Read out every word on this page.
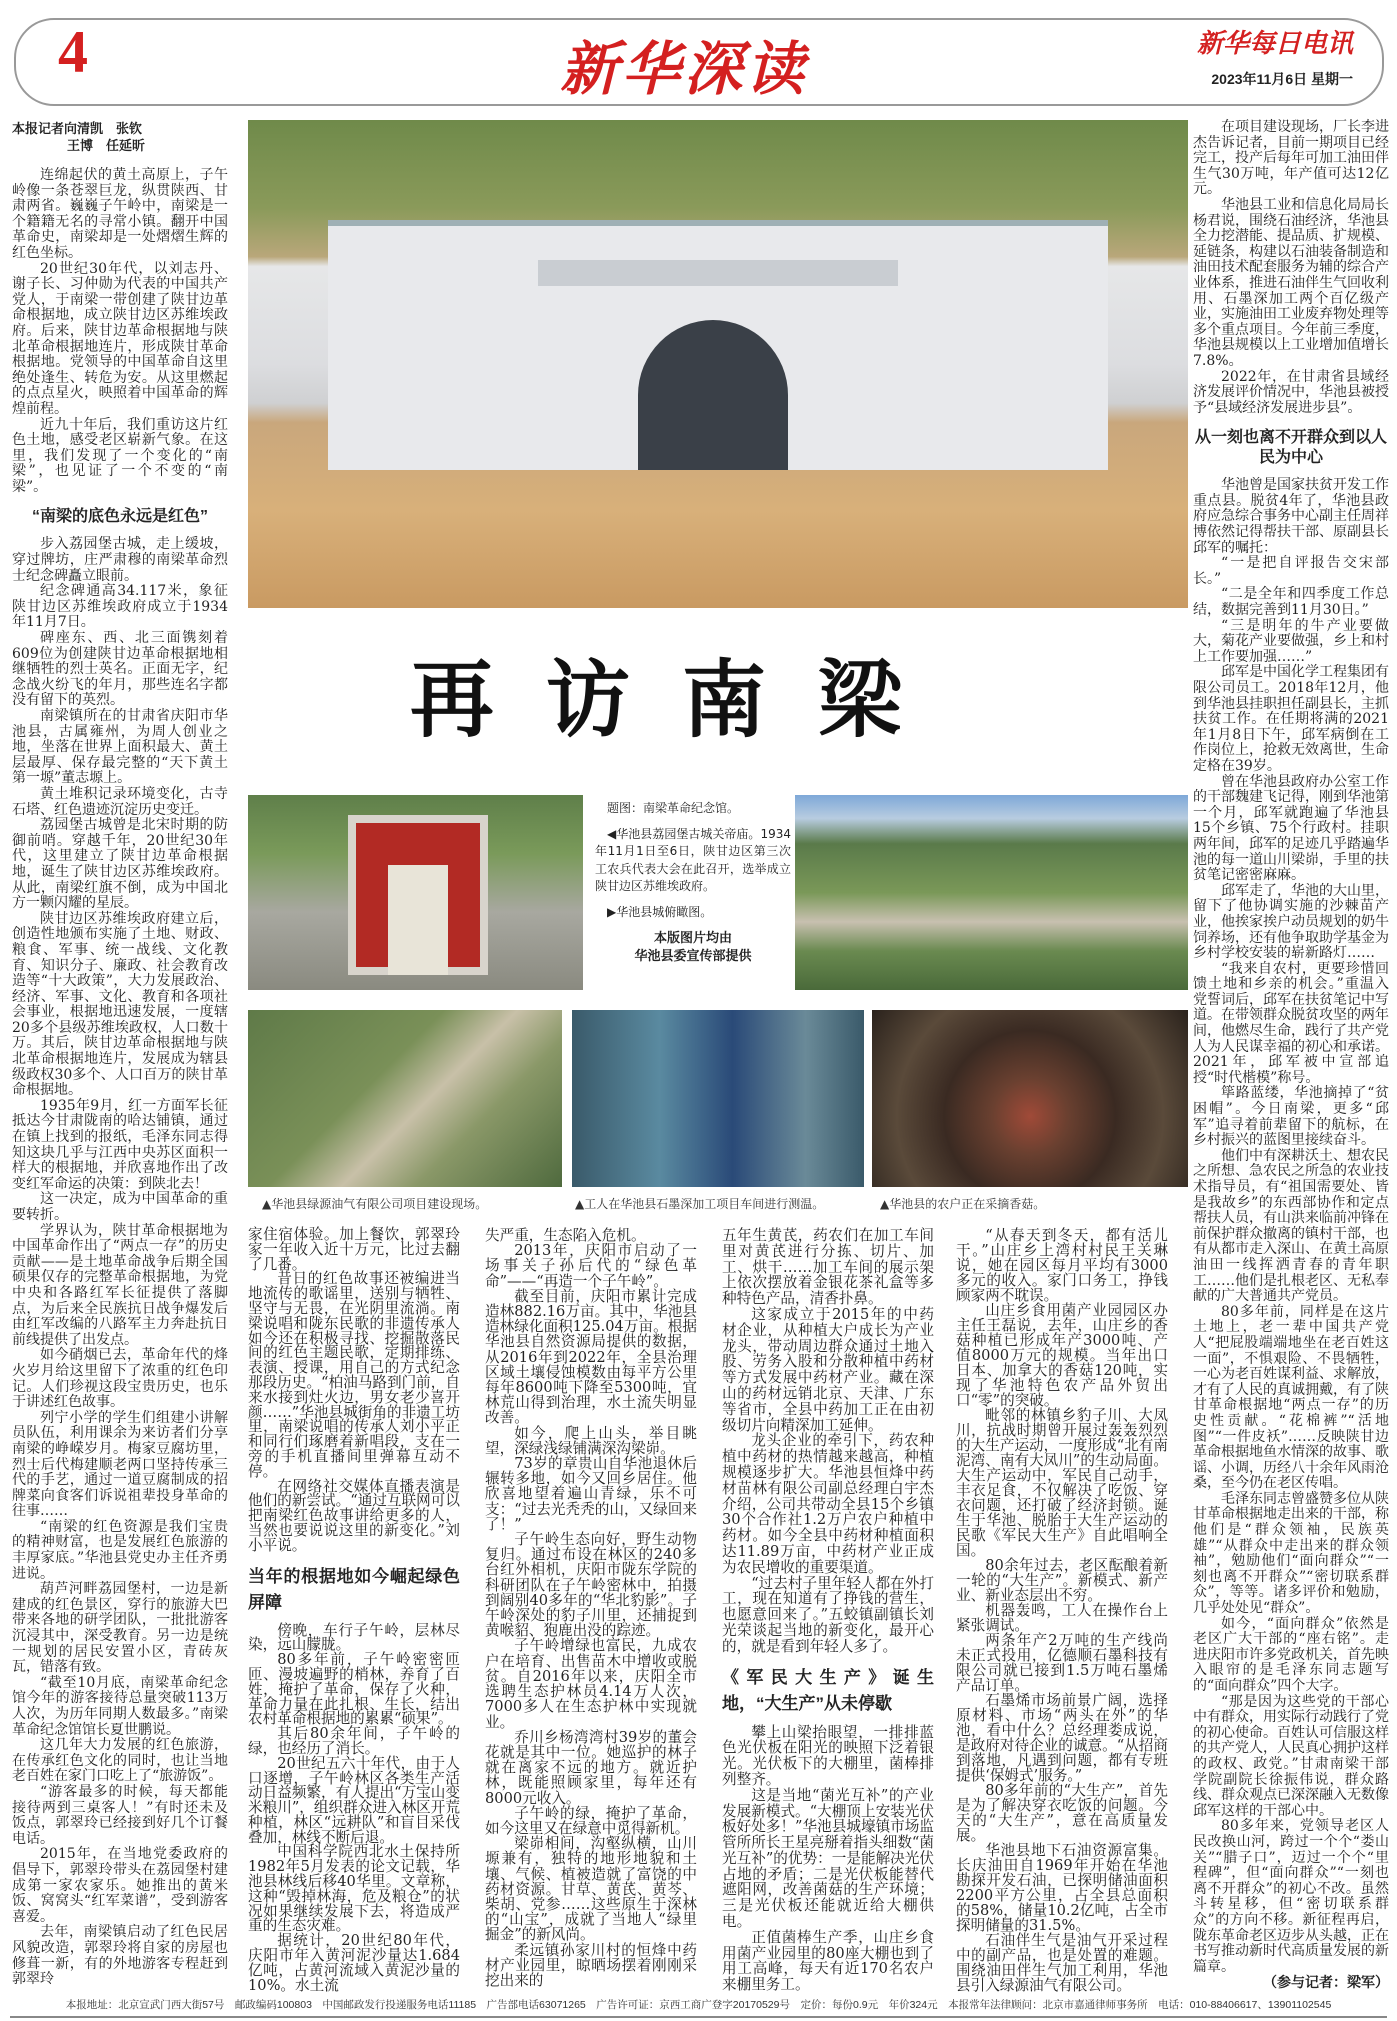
4	新华深读	新华每日电讯
2023年11月6日 星期一
本报记者向清凯　张钦
王博　任延昕

连绵起伏的黄土高原上，子午岭像一条苍翠巨龙，纵贯陕西、甘肃两省。巍巍子午岭中，南梁是一个籍籍无名的寻常小镇。翻开中国革命史，南梁却是一处熠熠生辉的红色坐标。

20世纪30年代，以刘志丹、谢子长、习仲勋为代表的中国共产党人，于南梁一带创建了陕甘边革命根据地，成立陕甘边区苏维埃政府。后来，陕甘边革命根据地与陕北革命根据地连片，形成陕甘革命根据地。党领导的中国革命自这里绝处逢生、转危为安。从这里燃起的点点星火，映照着中国革命的辉煌前程。

近九十年后，我们重访这片红色土地，感受老区崭新气象。在这里，我们发现了一个变化的“南梁”，也见证了一个不变的“南梁”。

“南梁的底色永远是红色”

步入荔园堡古城，走上缓坡，穿过牌坊，庄严肃穆的南梁革命烈士纪念碑矗立眼前。

纪念碑通高34.117米，象征陕甘边区苏维埃政府成立于1934年11月7日。

碑座东、西、北三面镌刻着609位为创建陕甘边革命根据地相继牺牲的烈士英名。正面无字，纪念战火纷飞的年月，那些连名字都没有留下的英烈。

南梁镇所在的甘肃省庆阳市华池县，古属雍州，为周人创业之地，坐落在世界上面积最大、黄土层最厚、保存最完整的“天下黄土第一塬”董志塬上。

黄土堆积记录环境变化，古寺石塔、红色遗迹沉淀历史变迁。

荔园堡古城曾是北宋时期的防御前哨。穿越千年，20世纪30年代，这里建立了陕甘边革命根据地，诞生了陕甘边区苏维埃政府。从此，南梁红旗不倒，成为中国北方一颗闪耀的星辰。

陕甘边区苏维埃政府建立后，创造性地颁布实施了土地、财政、粮食、军事、统一战线、文化教育、知识分子、廉政、社会教育改造等“十大政策”，大力发展政治、经济、军事、文化、教育和各项社会事业，根据地迅速发展，一度辖20多个县级苏维埃政权，人口数十万。其后，陕甘边革命根据地与陕北革命根据地连片，发展成为辖县级政权30多个、人口百万的陕甘革命根据地。

1935年9月，红一方面军长征抵达今甘肃陇南的哈达铺镇，通过在镇上找到的报纸，毛泽东同志得知这块几乎与江西中央苏区面积一样大的根据地，并欣喜地作出了改变红军命运的决策：到陕北去！

这一决定，成为中国革命的重要转折。

学界认为，陕甘革命根据地为中国革命作出了“两点一存”的历史贡献——是土地革命战争后期全国硕果仅存的完整革命根据地，为党中央和各路红军长征提供了落脚点，为后来全民族抗日战争爆发后由红军改编的八路军主力奔赴抗日前线提供了出发点。

如今硝烟已去，革命年代的烽火岁月给这里留下了浓重的红色印记。人们珍视这段宝贵历史，也乐于讲述红色故事。

列宁小学的学生们组建小讲解员队伍，利用课余为来访者们分享南梁的峥嵘岁月。梅家豆腐坊里，烈士后代梅建顺老两口坚持传承三代的手艺，通过一道豆腐制成的招牌菜向食客们诉说祖辈投身革命的往事……

“南梁的红色资源是我们宝贵的精神财富，也是发展红色旅游的丰厚家底。”华池县党史办主任齐勇进说。

葫芦河畔荔园堡村，一边是新建成的红色景区，穿行的旅游大巴带来各地的研学团队，一批批游客沉浸其中，深受教育。另一边是统一规划的居民安置小区，青砖灰瓦，错落有致。

“截至10月底，南梁革命纪念馆今年的游客接待总量突破113万人次，为历年同期人数最多。”南梁革命纪念馆馆长夏世鹏说。

这几年大力发展的红色旅游，在传承红色文化的同时，也让当地老百姓在家门口吃上了“旅游饭”。

“游客最多的时候，每天都能接待两到三桌客人！”有时还未及饭点，郭翠玲已经接到好几个订餐电话。

2015年，在当地党委政府的倡导下，郭翠玲带头在荔园堡村建成第一家农家乐。她推出的黄米饭、窝窝头“红军菜谱”，受到游客喜爱。

去年，南梁镇启动了红色民居风貌改造，郭翠玲将自家的房屋也修葺一新，有的外地游客专程赶到郭翠玲

再访南梁

题图：南梁革命纪念馆。

◀华池县荔园堡古城关帝庙。1934年11月1日至6日，陕甘边区第三次工农兵代表大会在此召开，选举成立陕甘边区苏维埃政府。

▶华池县城俯瞰图。

本版图片均由
华池县委宣传部提供

▲华池县绿源油气有限公司项目建设现场。	▲工人在华池县石墨深加工项目车间进行测温。	▲华池县的农户正在采摘香菇。

家住宿体验。加上餐饮，郭翠玲家一年收入近十万元，比过去翻了几番。

昔日的红色故事还被编进当地流传的歌谣里，送别与牺牲、坚守与无畏，在光阴里流淌。南梁说唱和陇东民歌的非遗传承人如今还在积极寻找、挖掘散落民间的红色主题民歌，定期排练、表演、授课，用自己的方式纪念那段历史。“柏油马路到门前，自来水接到灶火边，男女老少喜开颜……”华池县城街角的非遗工坊里，南梁说唱的传承人刘小平正和同行们琢磨着新唱段，支在一旁的手机直播间里弹幕互动不停。

在网络社交媒体直播表演是他们的新尝试。“通过互联网可以把南梁红色故事讲给更多的人，当然也要说说这里的新变化。”刘小平说。

当年的根据地如今崛起绿色屏障

傍晚，车行子午岭，层林尽染，远山朦胧。

80多年前，子午岭密密匝匝、漫坡遍野的梢林，养育了百姓，掩护了革命，保存了火种，革命力量在此扎根、生长，结出农村革命根据地的累累“硕果”。

其后80余年间，子午岭的绿，也经历了消长。

20世纪五六十年代，由于人口逐增，子午岭林区各类生产活动日益频繁，有人提出“万宝山变米粮川”，组织群众进入林区开荒种植，林区“远耕队”和盲目采伐叠加，林线不断后退。

中国科学院西北水土保持所1982年5月发表的论文记载，华池县林线后移40华里。文章称，这种“毁掉林海，危及粮仓”的状况如果继续发展下去，将造成严重的生态灾难。

据统计，20世纪80年代，庆阳市年入黄河泥沙量达1.684亿吨，占黄河流域入黄泥沙量的10%。水土流

失严重，生态陷入危机。

2013年，庆阳市启动了一场事关子孙后代的“绿色革命”——“再造一个子午岭”。

截至目前，庆阳市累计完成造林882.16万亩。其中，华池县造林绿化面积125.04万亩。根据华池县自然资源局提供的数据，从2016年到2022年，全县治理区域土壤侵蚀模数由每平方公里每年8600吨下降至5300吨，宜林荒山得到治理，水土流失明显改善。

如今，爬上山头，举目眺望，深绿浅绿铺满深沟梁峁。

73岁的章贵山自华池退休后辗转多地，如今又回乡居住。他欣喜地望着遍山青绿，乐不可支：“过去光秃秃的山，又绿回来了！”

子午岭生态向好，野生动物复归。通过布设在林区的240多台红外相机，庆阳市陇东学院的科研团队在子午岭密林中，拍摄到阔别40多年的“华北豹影”。子午岭深处的豹子川里，还捕捉到黄喉貂、狍鹿出没的踪迹。

子午岭增绿也富民，九成农户在培育、出售苗木中增收或脱贫。自2016年以来，庆阳全市选聘生态护林员4.14万人次，7000多人在生态护林中实现就业。

乔川乡杨湾湾村39岁的董会花就是其中一位。她巡护的林子就在离家不远的地方。就近护林，既能照顾家里，每年还有8000元收入。

子午岭的绿，掩护了革命，如今这里又在绿意中觅得新机。

梁峁相间，沟壑纵横，山川塬兼有，独特的地形地貌和土壤、气候、植被造就了富饶的中药材资源。甘草、黄芪、黄芩、柴胡、党参……这些原生于深林的“山宝”，成就了当地人“绿里掘金”的新风尚。

柔远镇孙家川村的恒烽中药材产业园里，晾晒场摆着刚刚采挖出来的

五年生黄芪，药农们在加工车间里对黄芪进行分拣、切片、加工、烘干……加工车间的展示架上依次摆放着金银花茶礼盒等多种特色产品，清香扑鼻。

这家成立于2015年的中药材企业，从种植大户成长为产业龙头，带动周边群众通过土地入股、劳务入股和分散种植中药材等方式发展中药材产业。藏在深山的药材远销北京、天津、广东等省市，全县中药加工正在由初级切片向精深加工延伸。

龙头企业的牵引下，药农种植中药材的热情越来越高，种植规模逐步扩大。华池县恒烽中药材苗林有限公司副总经理白宇杰介绍，公司共带动全县15个乡镇30个合作社1.2万户农户种植中药材。如今全县中药材种植面积达11.89万亩，中药材产业正成为农民增收的重要渠道。

“过去村子里年轻人都在外打工，现在知道有了挣钱的营生，也愿意回来了。”五蛟镇副镇长刘光荣谈起当地的新变化，最开心的，就是看到年轻人多了。

《军民大生产》诞生地，“大生产”从未停歇

攀上山梁抬眼望，一排排蓝色光伏板在阳光的映照下泛着银光。光伏板下的大棚里，菌棒排列整齐。

这是当地“菌光互补”的产业发展新模式。“大棚顶上安装光伏板好处多！”华池县城壕镇市场监管所所长王星亮掰着指头细数“菌光互补”的优势：一是能解决光伏占地的矛盾；二是光伏板能替代遮阳网，改善菌菇的生产环境；三是光伏板还能就近给大棚供电。

正值菌棒生产季，山庄乡食用菌产业园里的80座大棚也到了用工高峰，每天有近170名农户来棚里务工。

“从春天到冬天，都有活儿干。”山庄乡上湾村村民王关琳说，她在园区每月平均有3000多元的收入。家门口务工，挣钱顾家两不耽误。

山庄乡食用菌产业园园区办主任王磊说，去年，山庄乡的香菇种植已形成年产3000吨、产值8000万元的规模。当年出口日本、加拿大的香菇120吨，实现了华池特色农产品外贸出口“零”的突破。

毗邻的林镇乡豹子川、大凤川，抗战时期曾开展过轰轰烈烈的大生产运动，一度形成“北有南泥湾、南有大凤川”的生动局面。大生产运动中，军民自己动手，丰衣足食，不仅解决了吃饭、穿衣问题，还打破了经济封锁。诞生于华池、脱胎于大生产运动的民歌《军民大生产》自此唱响全国。

80余年过去，老区酝酿着新一轮的“大生产”。新模式、新产业、新业态层出不穷。

机器轰鸣，工人在操作台上紧张调试。

两条年产2万吨的生产线尚未正式投用，亿德顺石墨科技有限公司就已接到1.5万吨石墨烯产品订单。

石墨烯市场前景广阔，选择原材料、市场“两头在外”的华池，看中什么？总经理娄成说，是政府对待企业的诚意。“从招商到落地，凡遇到问题，都有专班提供‘保姆式’服务。”

80多年前的“大生产”，首先是为了解决穿衣吃饭的问题。今天的“大生产”，意在高质量发展。

华池县地下石油资源富集。长庆油田自1969年开始在华池勘探开发石油，已探明储油面积2200平方公里，占全县总面积的58%，储量10.2亿吨，占全市探明储量的31.5%。

石油伴生气是油气开采过程中的副产品，也是处置的难题。围绕油田伴生气加工利用，华池县引入绿源油气有限公司。

在项目建设现场，厂长李进杰告诉记者，目前一期项目已经完工，投产后每年可加工油田伴生气30万吨，年产值可达12亿元。

华池县工业和信息化局局长杨君说，围绕石油经济，华池县全力挖潜能、提品质、扩规模、延链条，构建以石油装备制造和油田技术配套服务为辅的综合产业体系，推进石油伴生气回收利用、石墨深加工两个百亿级产业，实施油田工业废弃物处理等多个重点项目。今年前三季度，华池县规模以上工业增加值增长7.8%。

2022年，在甘肃省县域经济发展评价情况中，华池县被授予“县域经济发展进步县”。

从一刻也离不开群众到以人民为中心

华池曾是国家扶贫开发工作重点县。脱贫4年了，华池县政府应急综合事务中心副主任周祥博依然记得帮扶干部、原副县长邱军的嘱托：

“一是把自评报告交宋部长。”

“二是全年和四季度工作总结，数据完善到11月30日。”

“三是明年的牛产业要做大，菊花产业要做强，乡上和村上工作要加强……”

邱军是中国化学工程集团有限公司员工。2018年12月，他到华池县挂职担任副县长，主抓扶贫工作。在任期将满的2021年1月8日下午，邱军病倒在工作岗位上，抢救无效离世，生命定格在39岁。

曾在华池县政府办公室工作的干部魏建飞记得，刚到华池第一个月，邱军就跑遍了华池县15个乡镇、75个行政村。挂职两年间，邱军的足迹几乎踏遍华池的每一道山川梁峁，手里的扶贫笔记密密麻麻。

邱军走了，华池的大山里，留下了他协调实施的沙棘苗产业，他挨家挨户动员规划的奶牛饲养场，还有他争取助学基金为乡村学校安装的崭新路灯……

“我来自农村，更要珍惜回馈土地和乡亲的机会。”重温入党誓词后，邱军在扶贫笔记中写道。在带领群众脱贫攻坚的两年间，他燃尽生命，践行了共产党人为人民谋幸福的初心和承诺。2021年，邱军被中宣部追授“时代楷模”称号。

筚路蓝缕，华池摘掉了“贫困帽”。今日南梁，更多“邱军”追寻着前辈留下的航标，在乡村振兴的蓝图里接续奋斗。

他们中有深耕沃土、想农民之所想、急农民之所急的农业技术指导员，有“祖国需要处、皆是我故乡”的东西部协作和定点帮扶人员，有山洪来临前冲锋在前保护群众撤离的镇村干部，也有从都市走入深山、在黄土高原油田一线挥洒青春的青年职工……他们是扎根老区、无私奉献的广大普通共产党员。

80多年前，同样是在这片土地上，老一辈中国共产党人“把屁股端端地坐在老百姓这一面”，不惧艰险、不畏牺牲，一心为老百姓谋利益、求解放，才有了人民的真诚拥戴，有了陕甘革命根据地“两点一存”的历史性贡献。“花棉裤”“活地图”“一件皮袄”……反映陕甘边革命根据地鱼水情深的故事、歌谣、小调，历经八十余年风雨沧桑，至今仍在老区传唱。

毛泽东同志曾盛赞多位从陕甘革命根据地走出来的干部，称他们是“群众领袖，民族英雄”“从群众中走出来的群众领袖”，勉励他们“面向群众”“一刻也离不开群众”“密切联系群众”，等等。诸多评价和勉励，几乎处处见“群众”。

如今，“面向群众”依然是老区广大干部的“座右铭”。走进庆阳市许多党政机关，首先映入眼帘的是毛泽东同志题写的“面向群众”四个大字。

“那是因为这些党的干部心中有群众，用实际行动践行了党的初心使命。百姓认可信服这样的共产党人，人民真心拥护这样的政权、政党。”甘肃南梁干部学院副院长徐振伟说，群众路线、群众观点已深深融入无数像邱军这样的干部心中。

80多年来，党领导老区人民改换山河，跨过一个个“娄山关”“腊子口”，迈过一个个“里程碑”，但“面向群众”“一刻也离不开群众”的初心不改。虽然斗转星移，但“密切联系群众”的方向不移。新征程再启，陇东革命老区迈步从头越，正在书写推动新时代高质量发展的新篇章。

（参与记者：梁军）

本报地址：北京宣武门西大街57号　邮政编码100803　中国邮政发行投递服务电话11185　广告部电话63071265　广告许可证：京西工商广登字20170529号　定价：每份0.9元　年价324元　本报常年法律顾问：北京市嘉通律师事务所　电话：010-88406617、13901102545
